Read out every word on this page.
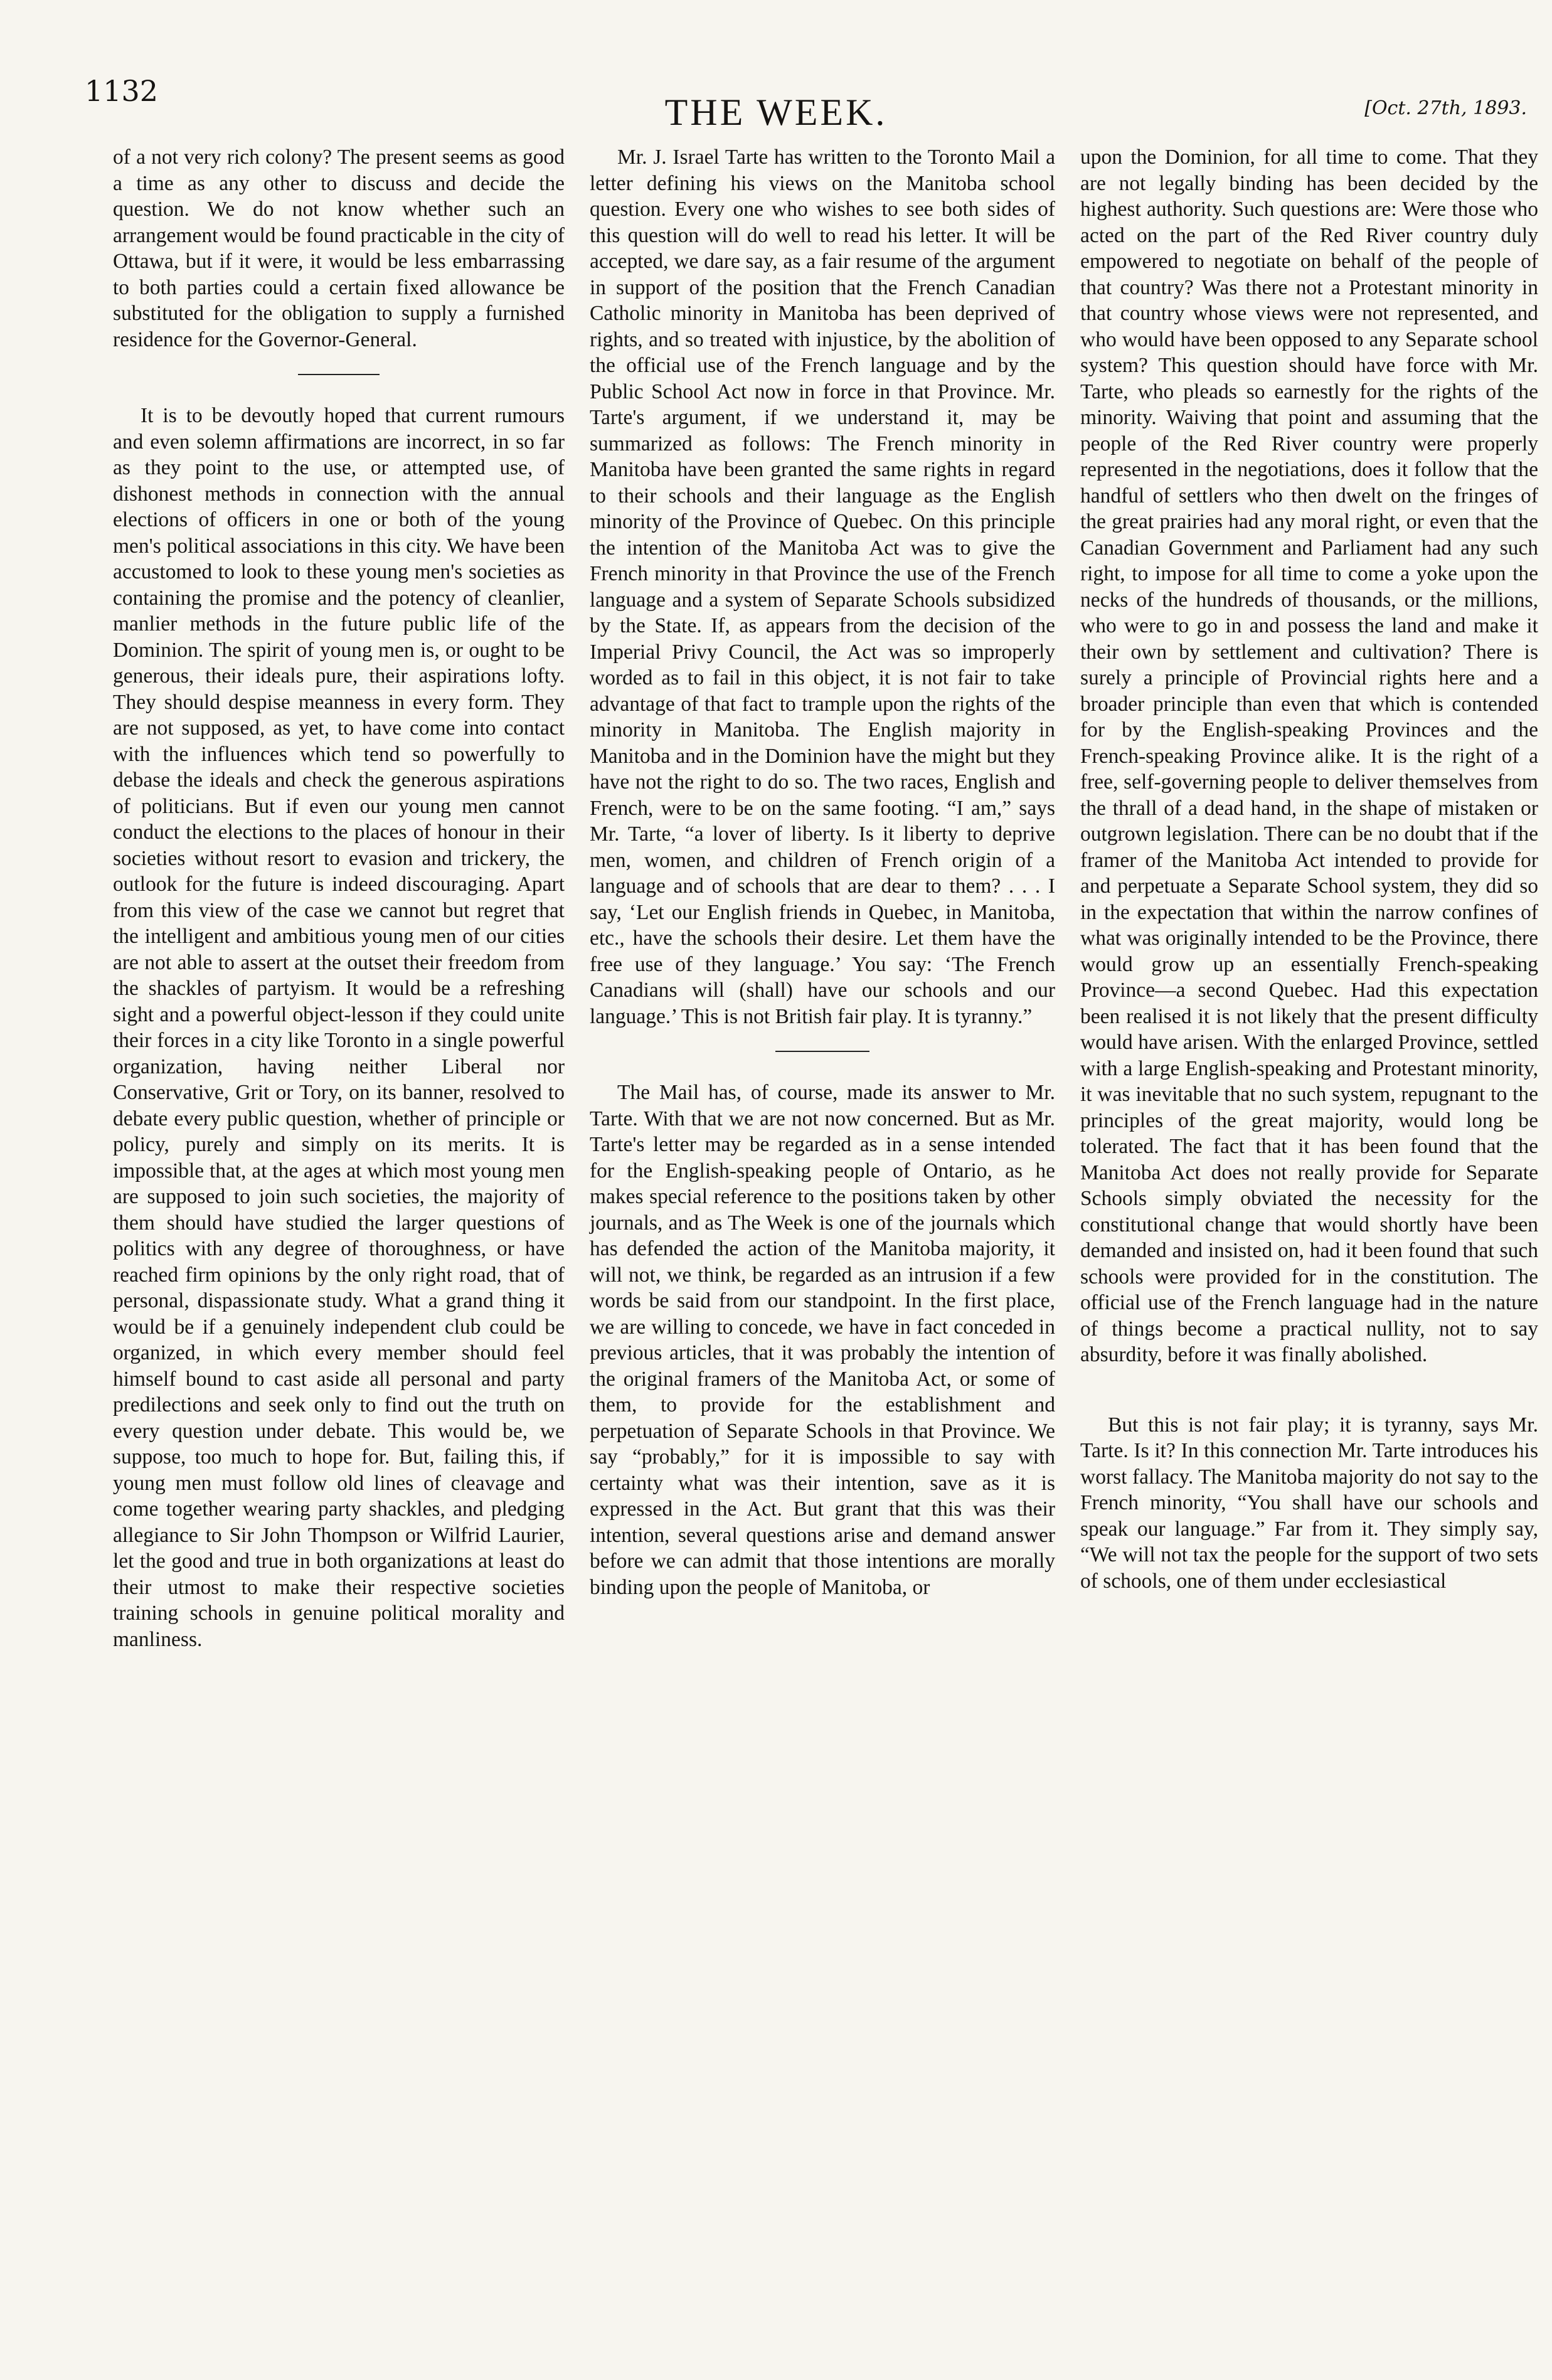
1132
THE WEEK.	[Oct. 27th, 1893.

of a not very rich colony? The present seems as good a time as any other to discuss and decide the question. We do not know whether such an arrangement would be found practicable in the city of Ottawa, but if it were, it would be less embarrassing to both parties could a certain fixed allowance be substituted for the obligation to supply a furnished residence for the Governor-General.

It is to be devoutly hoped that current rumours and even solemn affirmations are incorrect, in so far as they point to the use, or attempted use, of dishonest methods in connection with the annual elections of officers in one or both of the young men's political associations in this city. We have been accustomed to look to these young men's societies as containing the promise and the potency of cleanlier, manlier methods in the future public life of the Dominion. The spirit of young men is, or ought to be generous, their ideals pure, their aspirations lofty. They should despise meanness in every form. They are not supposed, as yet, to have come into contact with the influences which tend so powerfully to debase the ideals and check the generous aspirations of politicians. But if even our young men cannot conduct the elections to the places of honour in their societies without resort to evasion and trickery, the outlook for the future is indeed discouraging. Apart from this view of the case we cannot but regret that the intelligent and ambitious young men of our cities are not able to assert at the outset their freedom from the shackles of partyism. It would be a refreshing sight and a powerful object-lesson if they could unite their forces in a city like Toronto in a single powerful organization, having neither Liberal nor Conservative, Grit or Tory, on its banner, resolved to debate every public question, whether of principle or policy, purely and simply on its merits. It is impossible that, at the ages at which most young men are supposed to join such societies, the majority of them should have studied the larger questions of politics with any degree of thoroughness, or have reached firm opinions by the only right road, that of personal, dispassionate study. What a grand thing it would be if a genuinely independent club could be organized, in which every member should feel himself bound to cast aside all personal and party predilections and seek only to find out the truth on every question under debate. This would be, we suppose, too much to hope for. But, failing this, if young men must follow old lines of cleavage and come together wearing party shackles, and pledging allegiance to Sir John Thompson or Wilfrid Laurier, let the good and true in both organizations at least do their utmost to make their respective societies training schools in genuine political morality and manliness.

Mr. J. Israel Tarte has written to the Toronto Mail a letter defining his views on the Manitoba school question. Every one who wishes to see both sides of this question will do well to read his letter. It will be accepted, we dare say, as a fair resume of the argument in support of the position that the French Canadian Catholic minority in Manitoba has been deprived of rights, and so treated with injustice, by the abolition of the official use of the French language and by the Public School Act now in force in that Province. Mr. Tarte's argument, if we understand it, may be summarized as follows: The French minority in Manitoba have been granted the same rights in regard to their schools and their language as the English minority of the Province of Quebec. On this principle the intention of the Manitoba Act was to give the French minority in that Province the use of the French language and a system of Separate Schools subsidized by the State. If, as appears from the decision of the Imperial Privy Council, the Act was so improperly worded as to fail in this object, it is not fair to take advantage of that fact to trample upon the rights of the minority in Manitoba. The English majority in Manitoba and in the Dominion have the might but they have not the right to do so. The two races, English and French, were to be on the same footing. “I am,” says Mr. Tarte, “a lover of liberty. Is it liberty to deprive men, women, and children of French origin of a language and of schools that are dear to them? . . . I say, ‘Let our English friends in Quebec, in Manitoba, etc., have the schools their desire. Let them have the free use of they language.’ You say: ‘The French Canadians will (shall) have our schools and our language.’ This is not British fair play. It is tyranny.”

The Mail has, of course, made its answer to Mr. Tarte. With that we are not now concerned. But as Mr. Tarte's letter may be regarded as in a sense intended for the English-speaking people of Ontario, as he makes special reference to the positions taken by other journals, and as The Week is one of the journals which has defended the action of the Manitoba majority, it will not, we think, be regarded as an intrusion if a few words be said from our standpoint. In the first place, we are willing to concede, we have in fact conceded in previous articles, that it was probably the intention of the original framers of the Manitoba Act, or some of them, to provide for the establishment and perpetuation of Separate Schools in that Province. We say “probably,” for it is impossible to say with certainty what was their intention, save as it is expressed in the Act. But grant that this was their intention, several questions arise and demand answer before we can admit that those intentions are morally binding upon the people of Manitoba, or

upon the Dominion, for all time to come. That they are not legally binding has been decided by the highest authority. Such questions are: Were those who acted on the part of the Red River country duly empowered to negotiate on behalf of the people of that country? Was there not a Protestant minority in that country whose views were not represented, and who would have been opposed to any Separate school system? This question should have force with Mr. Tarte, who pleads so earnestly for the rights of the minority. Waiving that point and assuming that the people of the Red River country were properly represented in the negotiations, does it follow that the handful of settlers who then dwelt on the fringes of the great prairies had any moral right, or even that the Canadian Government and Parliament had any such right, to impose for all time to come a yoke upon the necks of the hundreds of thousands, or the millions, who were to go in and possess the land and make it their own by settlement and cultivation? There is surely a principle of Provincial rights here and a broader principle than even that which is contended for by the English-speaking Provinces and the French-speaking Province alike. It is the right of a free, self-governing people to deliver themselves from the thrall of a dead hand, in the shape of mistaken or outgrown legislation. There can be no doubt that if the framer of the Manitoba Act intended to provide for and perpetuate a Separate School system, they did so in the expectation that within the narrow confines of what was originally intended to be the Province, there would grow up an essentially French-speaking Province—a second Quebec. Had this expectation been realised it is not likely that the present difficulty would have arisen. With the enlarged Province, settled with a large English-speaking and Protestant minority, it was inevitable that no such system, repugnant to the principles of the great majority, would long be tolerated. The fact that it has been found that the Manitoba Act does not really provide for Separate Schools simply obviated the necessity for the constitutional change that would shortly have been demanded and insisted on, had it been found that such schools were provided for in the constitution. The official use of the French language had in the nature of things become a practical nullity, not to say absurdity, before it was finally abolished.

But this is not fair play; it is tyranny, says Mr. Tarte. Is it? In this connection Mr. Tarte introduces his worst fallacy. The Manitoba majority do not say to the French minority, “You shall have our schools and speak our language.” Far from it. They simply say, “We will not tax the people for the support of two sets of schools, one of them under ecclesiastical
